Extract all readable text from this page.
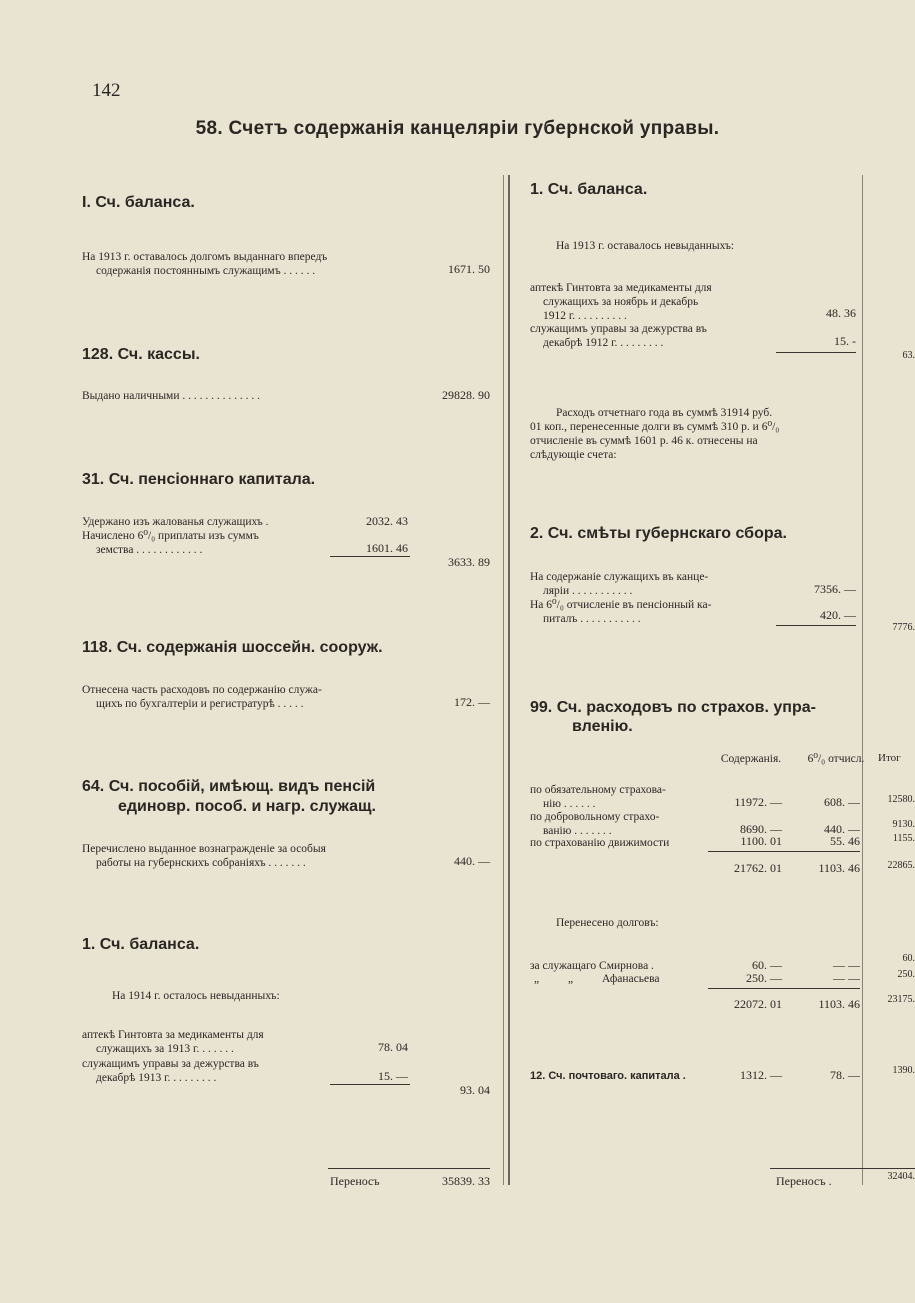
142
58. Счетъ содержанія канцеляріи губернской управы.
I. Сч. баланса.
На 1913 г. оставалось долгомъ выданнаго впередъ
содержанія постояннымъ служащимъ . . . . . .	1671. 50
128. Сч. кассы.
Выдано наличными . . . . . . . . . . . . . .	29828. 90
31. Сч. пенсіоннаго капитала.
Удержано изъ жалованья служащихъ .	2032. 43
Начислено 6⁰/₀ приплаты изъ суммъ
земства . . . . . . . . . . . .	1601. 46
3633. 89
118. Сч. содержанія шоссейн. сооруж.
Отнесена часть расходовъ по содержанію служа-
щихъ по бухгалтеріи и регистратурѣ . . . . .	172. —
64. Сч. пособій, имѣющ. видъ пенсій
единовр. пособ. и нагр. служащ.
Перечислено выданное вознагражденіе за особыя
работы на губернскихъ собраніяхъ . . . . . . .	440. —
1. Сч. баланса.
На 1914 г. осталось невыданныхъ:
аптекѣ Гинтовта за медикаменты для
служащихъ за 1913 г. . . . . . .	78. 04
служащимъ управы за дежурства въ
декабрѣ 1913 г. . . . . . . . .	15. —
93. 04
Переносъ	35839. 33
1. Сч. баланса.
На 1913 г. оставалось невыданныхъ:
аптекѣ Гинтовта за медикаменты для
служащихъ за ноябрь и декабрь
1912 г. . . . . . . . . .	48. 36
служащимъ управы за дежурства въ
декабрѣ 1912 г. . . . . . . . .	15. -
63.
Расходъ отчетнаго года въ суммѣ 31914 руб.
01 коп., перенесенные долги въ суммѣ 310 р. и 6⁰/₀
отчисленіе въ суммѣ 1601 р. 46 к. отнесены на
слѣдующіе счета:
2. Сч. смѣты губернскаго сбора.
На содержаніе служащихъ въ канце-
ляріи . . . . . . . . . . .	7356. —
На 6⁰/₀ отчисленіе въ пенсіонный ка-
питалъ . . . . . . . . . . .	420. —
7776.
99. Сч. расходовъ по страхов. упра-
вленію.
Содержанія.	6⁰/₀ отчисл.	Итог
по обязательному страхова-
нію . . . . . .	11972. —	608. —	12580.
по добровольному страхо-
ванію . . . . . . .	8690. —	440. —	9130.
по страхованію движимости	1100. 01	55. 46	1155.
21762. 01	1103. 46	22865.
Перенесено долговъ:
за служащаго Смирнова .	60. —	— —	60.
„ „ Афанасьева	250. —	— —	250.
22072. 01	1103. 46	23175.
12. Сч. почтоваго. капитала .	1312. —	78. —	1390.
Переносъ .	32404.
